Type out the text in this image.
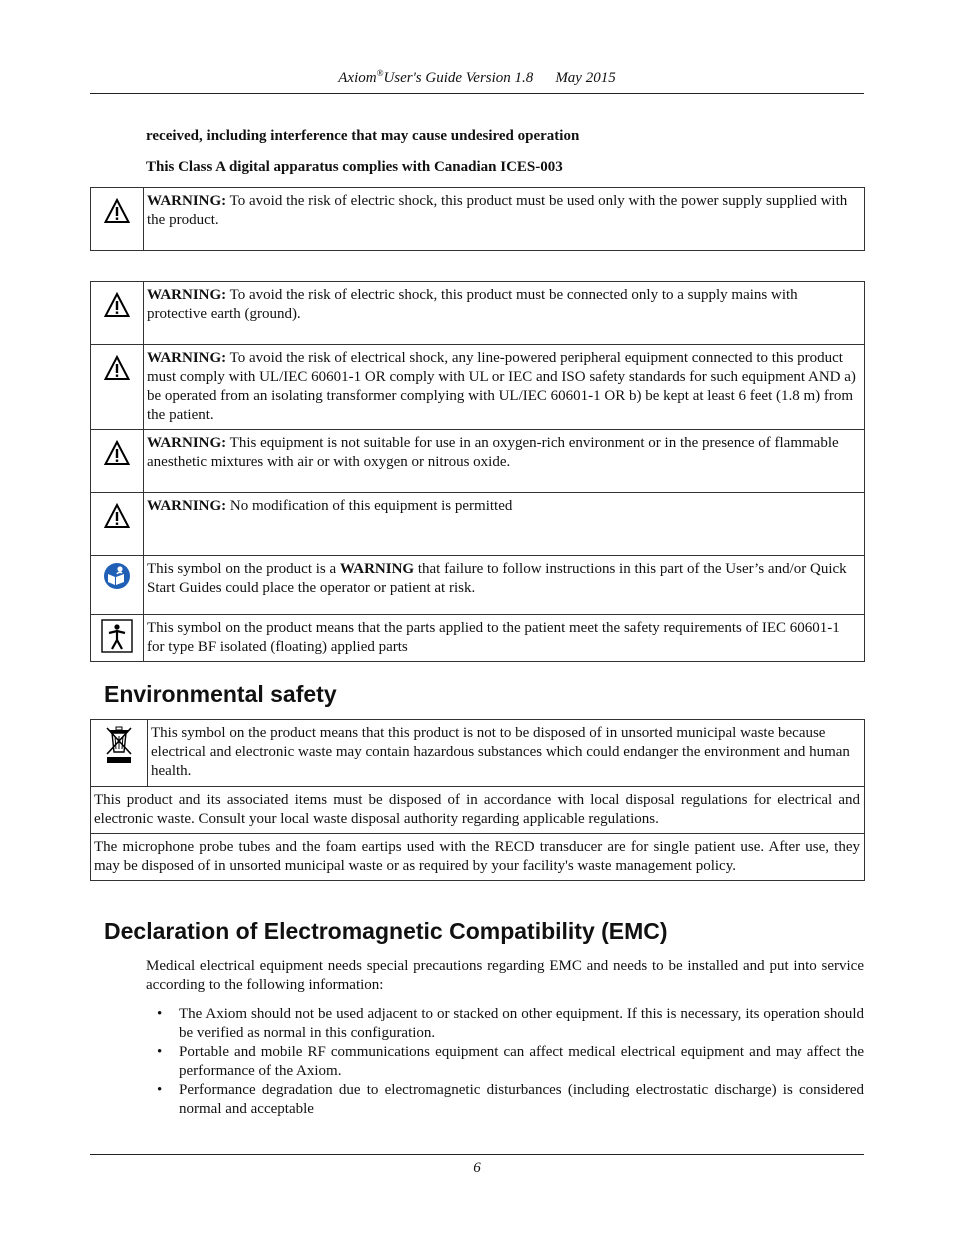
Axiom®User's Guide Version 1.8 May 2015
received, including interference that may cause undesired operation
This Class A digital apparatus complies with Canadian ICES-003
	WARNING: To avoid the risk of electric shock, this product must be used only with the power supply supplied with the product.
	WARNING: To avoid the risk of electric shock, this product must be connected only to a supply mains with protective earth (ground).

	WARNING: To avoid the risk of electrical shock, any line-powered peripheral equipment connected to this product must comply with UL/IEC 60601-1 OR comply with UL or IEC and ISO safety standards for such equipment AND a) be operated from an isolating transformer complying with UL/IEC 60601-1 OR b) be kept at least 6 feet (1.8 m) from the patient.

	WARNING: This equipment is not suitable for use in an oxygen-rich environment or in the presence of flammable anesthetic mixtures with air or with oxygen or nitrous oxide.

	WARNING: No modification of this equipment is permitted

	This symbol on the product is a WARNING that failure to follow instructions in this part of the User’s and/or Quick Start Guides could place the operator or patient at risk.

	This symbol on the product means that the parts applied to the patient meet the safety requirements of IEC 60601-1 for type BF isolated (floating) applied parts
Environmental safety
	This symbol on the product means that this product is not to be disposed of in unsorted municipal waste because electrical and electronic waste may contain hazardous substances which could endanger the environment and human health.
This product and its associated items must be disposed of in accordance with local disposal regulations for electrical and electronic waste. Consult your local waste disposal authority regarding applicable regulations.
The microphone probe tubes and the foam eartips used with the RECD transducer are for single patient use. After use, they may be disposed of in unsorted municipal waste or as required by your facility's waste management policy.
Declaration of Electromagnetic Compatibility (EMC)
Medical electrical equipment needs special precautions regarding EMC and needs to be installed and put into service according to the following information:
• The Axiom should not be used adjacent to or stacked on other equipment. If this is necessary, its operation should be verified as normal in this configuration.
• Portable and mobile RF communications equipment can affect medical electrical equipment and may affect the performance of the Axiom.
• Performance degradation due to electromagnetic disturbances (including electrostatic discharge) is considered normal and acceptable
6
